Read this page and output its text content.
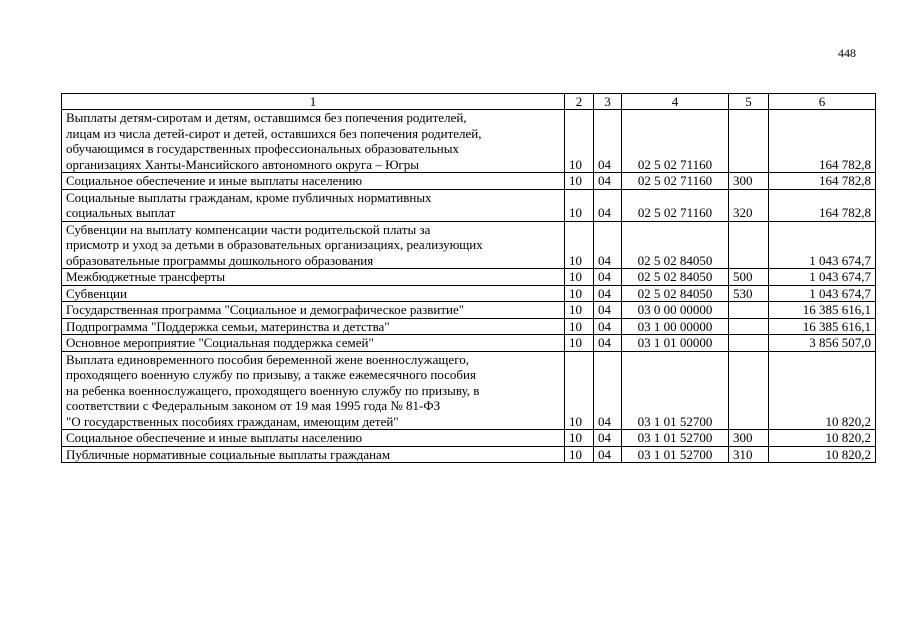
448
1	2	3	4	5	6
Выплаты детям-сиротам и детям, оставшимся без попечения родителей,
лицам из числа детей-сирот и детей, оставшихся без попечения родителей,
обучающимся в государственных профессиональных образовательных
организациях Ханты-Мансийского автономного округа – Югры	10	04	02 5 02 71160		164 782,8
Социальное обеспечение и иные выплаты населению	10	04	02 5 02 71160	300	164 782,8
Социальные выплаты гражданам, кроме публичных нормативных
социальных выплат	10	04	02 5 02 71160	320	164 782,8
Субвенции на выплату компенсации части родительской платы за
присмотр и уход за детьми в образовательных организациях, реализующих
образовательные программы дошкольного образования	10	04	02 5 02 84050		1 043 674,7
Межбюджетные трансферты	10	04	02 5 02 84050	500	1 043 674,7
Субвенции	10	04	02 5 02 84050	530	1 043 674,7
Государственная программа "Социальное и демографическое развитие"	10	04	03 0 00 00000		16 385 616,1
Подпрограмма "Поддержка семьи, материнства и детства"	10	04	03 1 00 00000		16 385 616,1
Основное мероприятие "Социальная поддержка семей"	10	04	03 1 01 00000		3 856 507,0
Выплата единовременного пособия беременной жене военнослужащего,
проходящего военную службу по призыву, а также ежемесячного пособия
на ребенка военнослужащего, проходящего военную службу по призыву, в
соответствии с Федеральным законом от 19 мая 1995 года № 81-ФЗ
"О государственных пособиях гражданам, имеющим детей"	10	04	03 1 01 52700		10 820,2
Социальное обеспечение и иные выплаты населению	10	04	03 1 01 52700	300	10 820,2
Публичные нормативные социальные выплаты гражданам	10	04	03 1 01 52700	310	10 820,2
